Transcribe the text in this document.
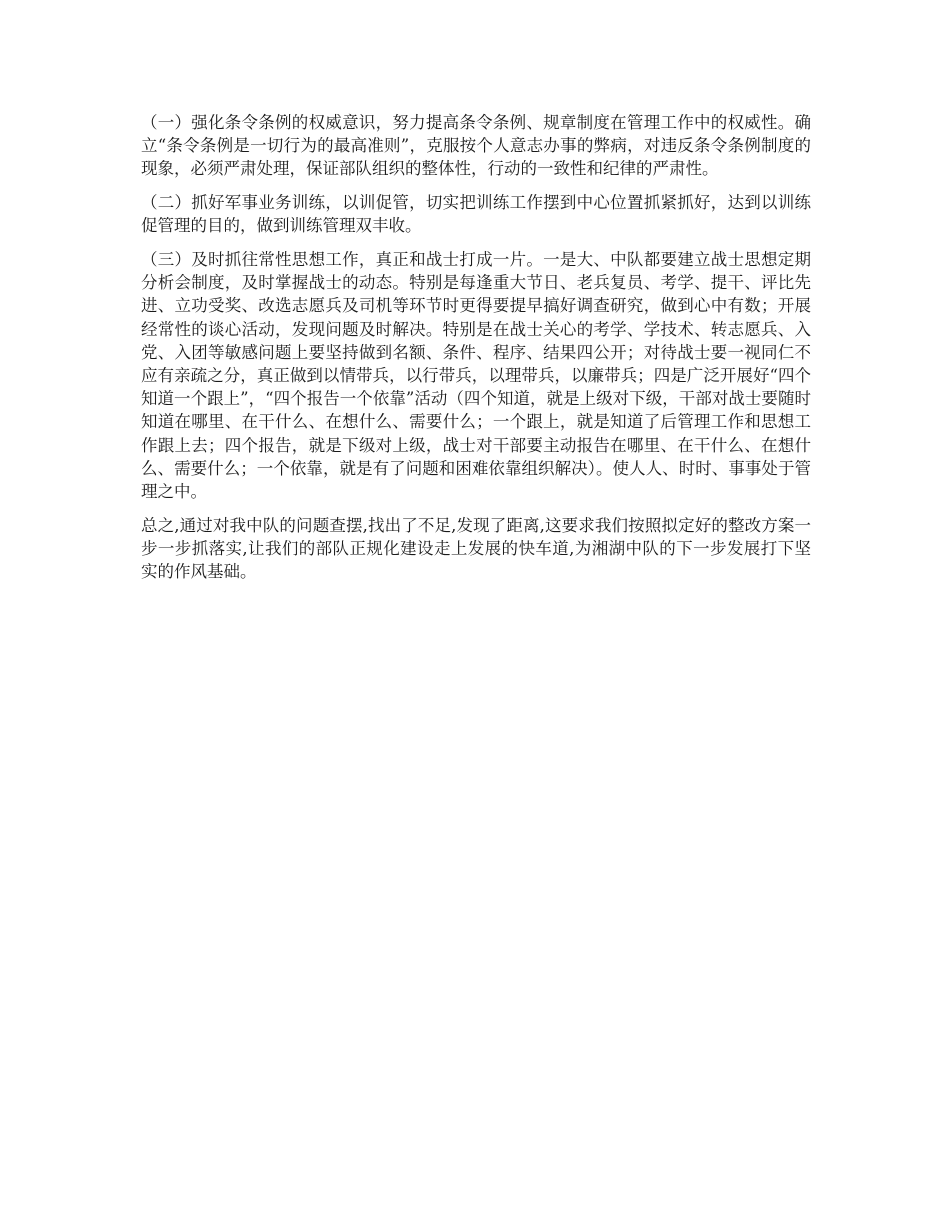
（一）强化条令条例的权威意识，努力提高条令条例、规章制度在管理工作中的权威性。确立“条令条例是一切行为的最高准则”，克服按个人意志办事的弊病，对违反条令条例制度的现象，必须严肃处理，保证部队组织的整体性，行动的一致性和纪律的严肃性。

（二）抓好军事业务训练，以训促管，切实把训练工作摆到中心位置抓紧抓好，达到以训练促管理的目的，做到训练管理双丰收。

（三）及时抓往常性思想工作，真正和战士打成一片。一是大、中队都要建立战士思想定期分析会制度，及时掌握战士的动态。特别是每逢重大节日、老兵复员、考学、提干、评比先进、立功受奖、改选志愿兵及司机等环节时更得要提早搞好调查研究，做到心中有数；开展经常性的谈心活动，发现问题及时解决。特别是在战士关心的考学、学技术、转志愿兵、入党、入团等敏感问题上要坚持做到名额、条件、程序、结果四公开；对待战士要一视同仁不应有亲疏之分，真正做到以情带兵，以行带兵，以理带兵，以廉带兵；四是广泛开展好“四个知道一个跟上”，“四个报告一个依靠”活动（四个知道，就是上级对下级，干部对战士要随时知道在哪里、在干什么、在想什么、需要什么；一个跟上，就是知道了后管理工作和思想工作跟上去；四个报告，就是下级对上级，战士对干部要主动报告在哪里、在干什么、在想什么、需要什么；一个依靠，就是有了问题和困难依靠组织解决）。使人人、时时、事事处于管理之中。

总之,通过对我中队的问题查摆,找出了不足,发现了距离,这要求我们按照拟定好的整改方案一步一步抓落实,让我们的部队正规化建设走上发展的快车道,为湘湖中队的下一步发展打下坚实的作风基础。
